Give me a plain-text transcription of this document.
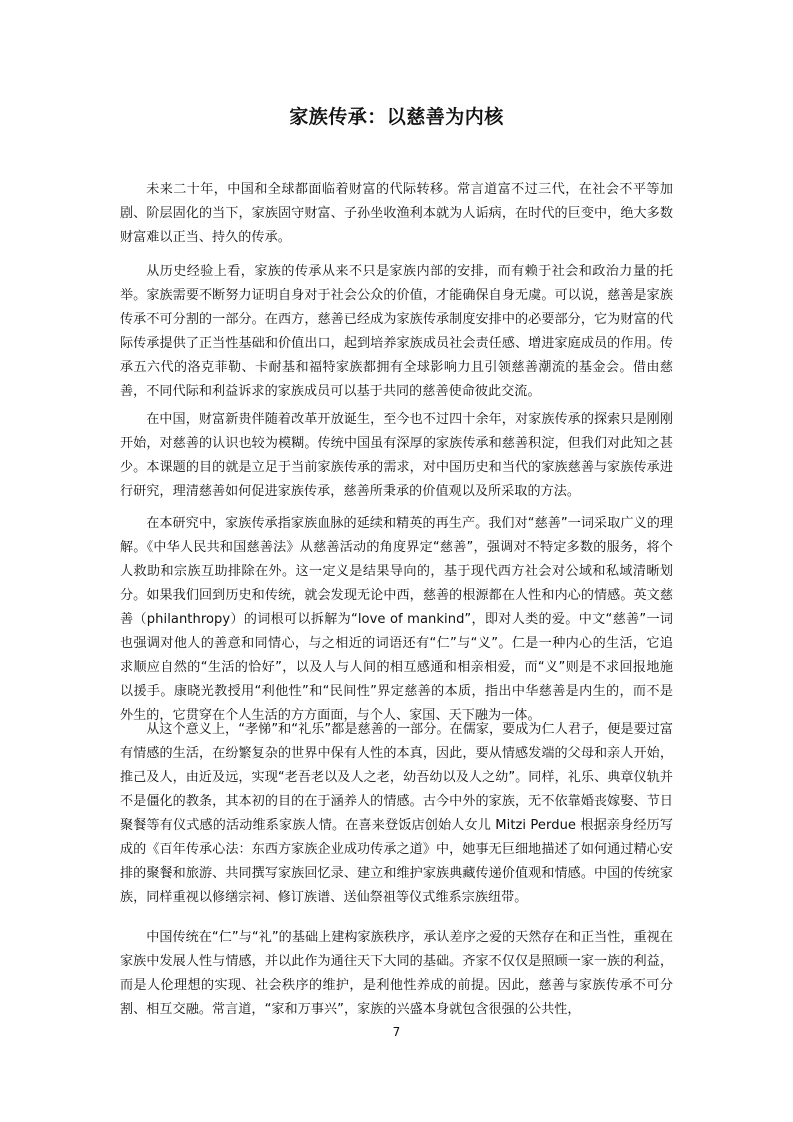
家族传承：以慈善为内核

未来二十年，中国和全球都面临着财富的代际转移。常言道富不过三代，在社会不平等加剧、阶层固化的当下，家族固守财富、子孙坐收渔利本就为人诟病，在时代的巨变中，绝大多数财富难以正当、持久的传承。

从历史经验上看，家族的传承从来不只是家族内部的安排，而有赖于社会和政治力量的托举。家族需要不断努力证明自身对于社会公众的价值，才能确保自身无虞。可以说，慈善是家族传承不可分割的一部分。在西方，慈善已经成为家族传承制度安排中的必要部分，它为财富的代际传承提供了正当性基础和价值出口，起到培养家族成员社会责任感、增进家庭成员的作用。传承五六代的洛克菲勒、卡耐基和福特家族都拥有全球影响力且引领慈善潮流的基金会。借由慈善，不同代际和利益诉求的家族成员可以基于共同的慈善使命彼此交流。

在中国，财富新贵伴随着改革开放诞生，至今也不过四十余年，对家族传承的探索只是刚刚开始，对慈善的认识也较为模糊。传统中国虽有深厚的家族传承和慈善积淀，但我们对此知之甚少。本课题的目的就是立足于当前家族传承的需求，对中国历史和当代的家族慈善与家族传承进行研究，理清慈善如何促进家族传承，慈善所秉承的价值观以及所采取的方法。

在本研究中，家族传承指家族血脉的延续和精英的再生产。我们对“慈善”一词采取广义的理解。《中华人民共和国慈善法》从慈善活动的角度界定“慈善”，强调对不特定多数的服务，将个人救助和宗族互助排除在外。这一定义是结果导向的，基于现代西方社会对公域和私域清晰划分。如果我们回到历史和传统，就会发现无论中西，慈善的根源都在人性和内心的情感。英文慈善（philanthropy）的词根可以拆解为“love of mankind”，即对人类的爱。中文“慈善”一词也强调对他人的善意和同情心，与之相近的词语还有“仁”与“义”。仁是一种内心的生活，它追求顺应自然的“生活的恰好”，以及人与人间的相互感通和相亲相爱，而“义”则是不求回报地施以援手。康晓光教授用“利他性”和“民间性”界定慈善的本质，指出中华慈善是内生的，而不是外生的，它贯穿在个人生活的方方面面，与个人、家国、天下融为一体。

从这个意义上，“孝悌”和“礼乐”都是慈善的一部分。在儒家，要成为仁人君子，便是要过富有情感的生活，在纷繁复杂的世界中保有人性的本真，因此，要从情感发端的父母和亲人开始，推己及人，由近及远，实现“老吾老以及人之老，幼吾幼以及人之幼”。同样，礼乐、典章仪轨并不是僵化的教条，其本初的目的在于涵养人的情感。古今中外的家族，无不依靠婚丧嫁娶、节日聚餐等有仪式感的活动维系家族人情。在喜来登饭店创始人女儿 Mitzi Perdue 根据亲身经历写成的《百年传承心法：东西方家族企业成功传承之道》中，她事无巨细地描述了如何通过精心安排的聚餐和旅游、共同撰写家族回忆录、建立和维护家族典藏传递价值观和情感。中国的传统家族，同样重视以修缮宗祠、修订族谱、送仙祭祖等仪式维系宗族纽带。

中国传统在“仁”与“礼”的基础上建构家族秩序，承认差序之爱的天然存在和正当性，重视在家族中发展人性与情感，并以此作为通往天下大同的基础。齐家不仅仅是照顾一家一族的利益，而是人伦理想的实现、社会秩序的维护，是利他性养成的前提。因此，慈善与家族传承不可分割、相互交融。常言道，“家和万事兴”，家族的兴盛本身就包含很强的公共性，

7
